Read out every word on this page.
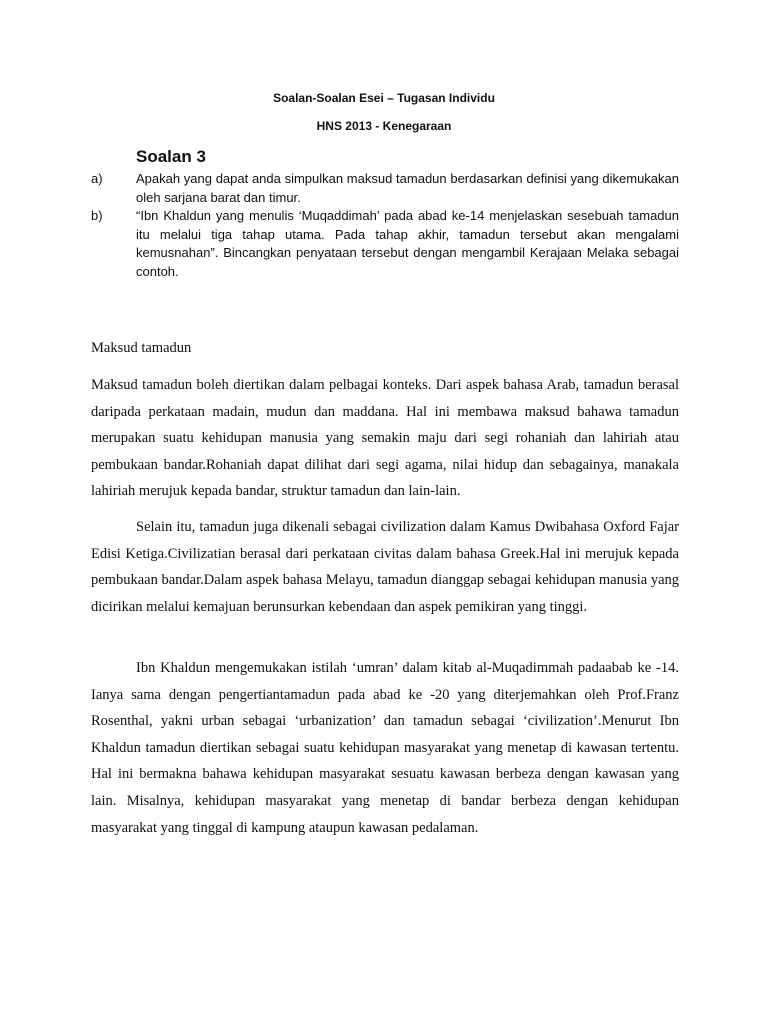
Soalan-Soalan Esei – Tugasan Individu
HNS 2013 - Kenegaraan
Soalan 3
a)	Apakah yang dapat anda simpulkan maksud tamadun berdasarkan definisi yang dikemukakan oleh sarjana barat dan timur.
b)	“Ibn Khaldun yang menulis ‘Muqaddimah’ pada abad ke-14 menjelaskan sesebuah tamadun itu melalui tiga tahap utama. Pada tahap akhir, tamadun tersebut akan mengalami kemusnahan”. Bincangkan penyataan tersebut dengan mengambil Kerajaan Melaka sebagai contoh.
Maksud tamadun

Maksud tamadun boleh diertikan dalam pelbagai konteks. Dari aspek bahasa Arab, tamadun berasal daripada perkataan madain, mudun dan maddana. Hal ini membawa maksud bahawa tamadun merupakan suatu kehidupan manusia yang semakin maju dari segi rohaniah dan lahiriah atau pembukaan bandar.Rohaniah dapat dilihat dari segi agama, nilai hidup dan sebagainya, manakala lahiriah merujuk kepada bandar, struktur tamadun dan lain-lain.

Selain itu, tamadun juga dikenali sebagai civilization dalam Kamus Dwibahasa Oxford Fajar Edisi Ketiga.Civilizatian berasal dari perkataan civitas dalam bahasa Greek.Hal ini merujuk kepada pembukaan bandar.Dalam aspek bahasa Melayu, tamadun dianggap sebagai kehidupan manusia yang dicirikan melalui kemajuan berunsurkan kebendaan dan aspek pemikiran yang tinggi.

Ibn Khaldun mengemukakan istilah ‘umran’ dalam kitab al-Muqadimmah padaabab ke -14. Ianya sama dengan pengertiantamadun pada abad ke -20 yang diterjemahkan oleh Prof.Franz Rosenthal, yakni urban sebagai ‘urbanization’ dan tamadun sebagai ‘civilization’.Menurut Ibn Khaldun tamadun diertikan sebagai suatu kehidupan masyarakat yang menetap di kawasan tertentu. Hal ini bermakna bahawa kehidupan masyarakat sesuatu kawasan berbeza dengan kawasan yang lain. Misalnya, kehidupan masyarakat yang menetap di bandar berbeza dengan kehidupan masyarakat yang tinggal di kampung ataupun kawasan pedalaman.
